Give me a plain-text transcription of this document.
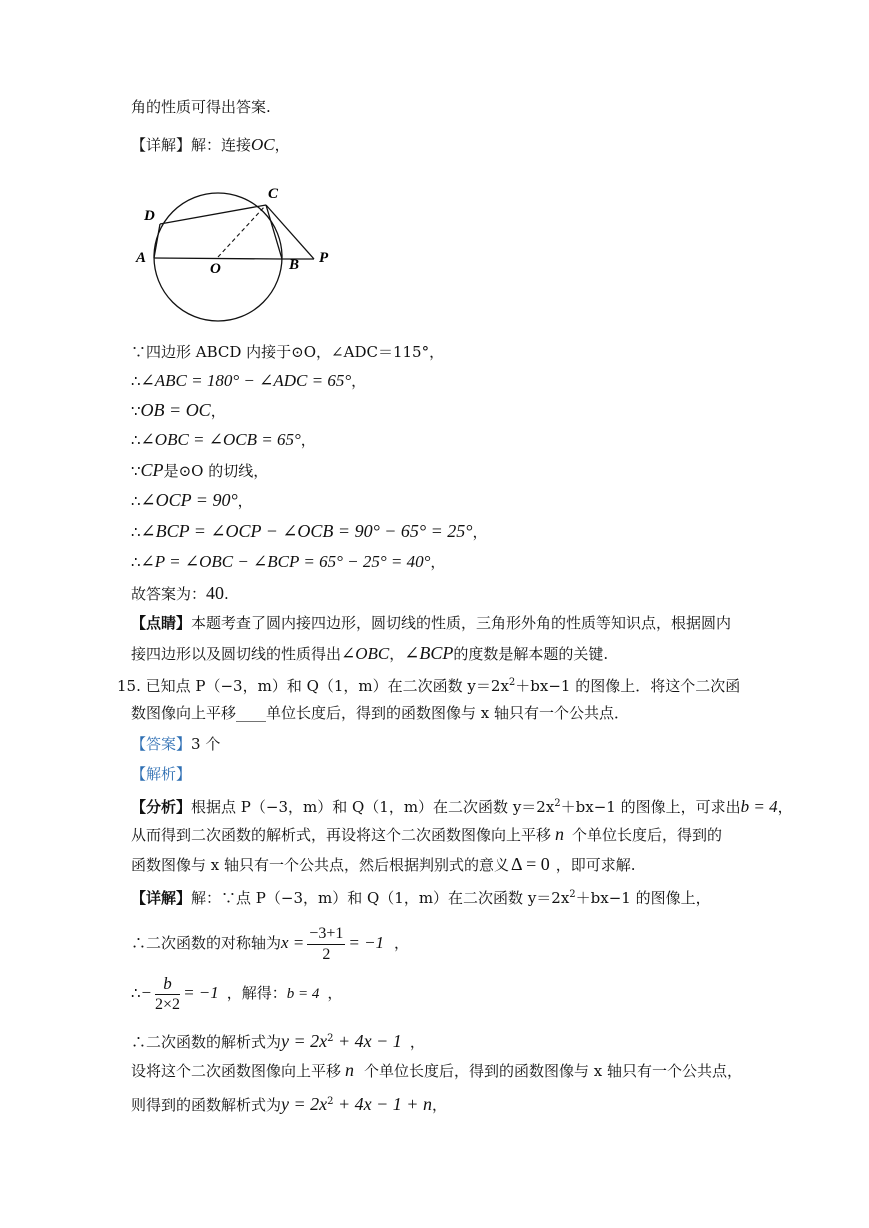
角的性质可得出答案.
【详解】解：连接OC，
C
D
A
O	B P
∵四边形 ABCD 内接于⊙O，∠ADC＝115°，
∴∠ABC = 180° − ∠ADC = 65°，
∵OB = OC，
∴∠OBC = ∠OCB = 65°，
∵CP是⊙O 的切线，
∴∠OCP = 90°，
∴∠BCP = ∠OCP − ∠OCB = 90° − 65° = 25°，
∴∠P = ∠OBC − ∠BCP = 65° − 25° = 40°，
故答案为：40.
【点睛】本题考查了圆内接四边形，圆切线的性质，三角形外角的性质等知识点，根据圆内
接四边形以及圆切线的性质得出∠OBC，∠BCP的度数是解本题的关键.
15. 已知点 P（−3，m）和 Q（1，m）在二次函数 $y=2x^2+bx-1$ 的图像上．将这个二次函
数图像向上平移____单位长度后，得到的函数图像与 x 轴只有一个公共点．
【答案】3 个
【解析】
【分析】根据点 P（−3，m）和 Q（1，m）在二次函数 $y=2x^2+bx-1$ 的图像上，可求出b = 4，
从而得到二次函数的解析式，再设将这个二次函数图像向上平移 n 个单位长度后，得到的
函数图像与 x 轴只有一个公共点，然后根据判别式的意义 Δ = 0 ，即可求解.
【详解】解：∵点 P（−3，m）和 Q（1，m）在二次函数 $y=2x^2+bx-1$ 的图像上，
∴二次函数的对称轴为$x = \frac{-3+1}{2} = -1$ ，
∴− $\frac{b}{2\times 2} = -1$ ，解得：b = 4 ，
∴二次函数的解析式为$y = 2x^2 + 4x - 1$ ，
设将这个二次函数图像向上平移 n 个单位长度后，得到的函数图像与 x 轴只有一个公共点，
则得到的函数解析式为$y = 2x^2 + 4x - 1 + n$，
